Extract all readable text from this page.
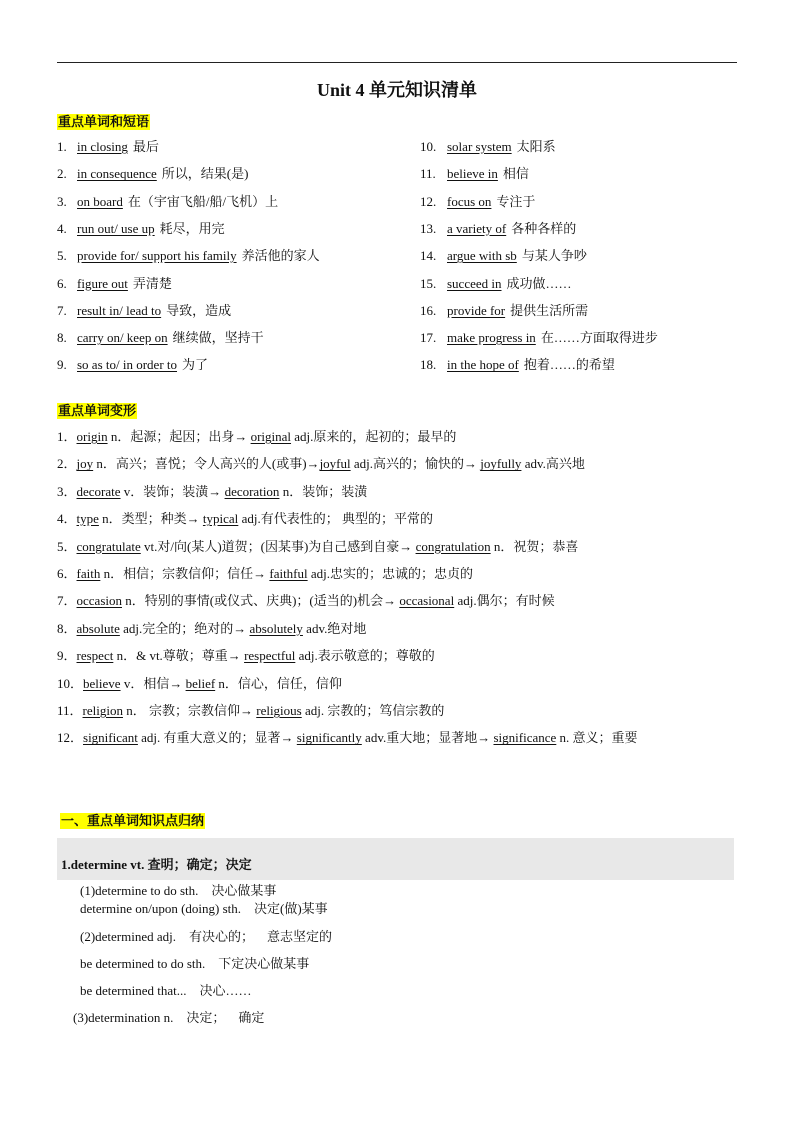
Unit 4 单元知识清单
重点单词和短语
1. in closing 最后
2. in consequence 所以，结果(是)
3. on board 在（宇宙飞船/船/飞机）上
4. run out/ use up 耗尽，用完
5. provide for/ support his family 养活他的家人
6. figure out 弄清楚
7. result in/ lead to 导致，造成
8. carry on/ keep on 继续做，坚持干
9. so as to/ in order to 为了
10. solar system 太阳系
11. believe in 相信
12. focus on 专注于
13. a variety of 各种各样的
14. argue with sb 与某人争吵
15. succeed in 成功做……
16. provide for 提供生活所需
17. make progress in 在……方面取得进步
18. in the hope of 抱着……的希望
重点单词变形
1．origin n．起源；起因；出身→ original adj.原来的，起初的；最早的
2．joy n．高兴；喜悦；令人高兴的人(或事)→joyful adj.高兴的；愉快的→ joyfully adv.高兴地
3．decorate v．装饰；装潢→ decoration n．装饰；装潢
4．type n．类型；种类→ typical adj.有代表性的； 典型的；平常的
5．congratulate vt.对/向(某人)道贺；(因某事)为自己感到自豪→ congratulation n．祝贺；恭喜
6．faith n．相信；宗教信仰；信任→ faithful adj.忠实的；忠诚的；忠贞的
7．occasion n．特别的事情(或仪式、庆典)；(适当的)机会→ occasional adj.偶尔；有时候
8．absolute adj.完全的；绝对的→ absolutely adv.绝对地
9．respect n．& vt.尊敬；尊重→ respectful adj.表示敬意的；尊敬的
10．believe v．相信→ belief n．信心，信任，信仰
11．religion n． 宗教；宗教信仰→ religious adj. 宗教的；笃信宗教的
12．significant adj. 有重大意义的；显著→ significantly adv.重大地；显著地→ significance n. 意义；重要
一、重点单词知识点归纳
1.determine vt. 查明；确定；决定
(1)determine to do sth.    决心做某事
determine on/upon (doing) sth.    决定(做)某事
(2)determined adj.    有决心的；    意志坚定的
be determined to do sth.    下定决心做某事
be determined that...    决心……
(3)determination n.    决定；    确定
